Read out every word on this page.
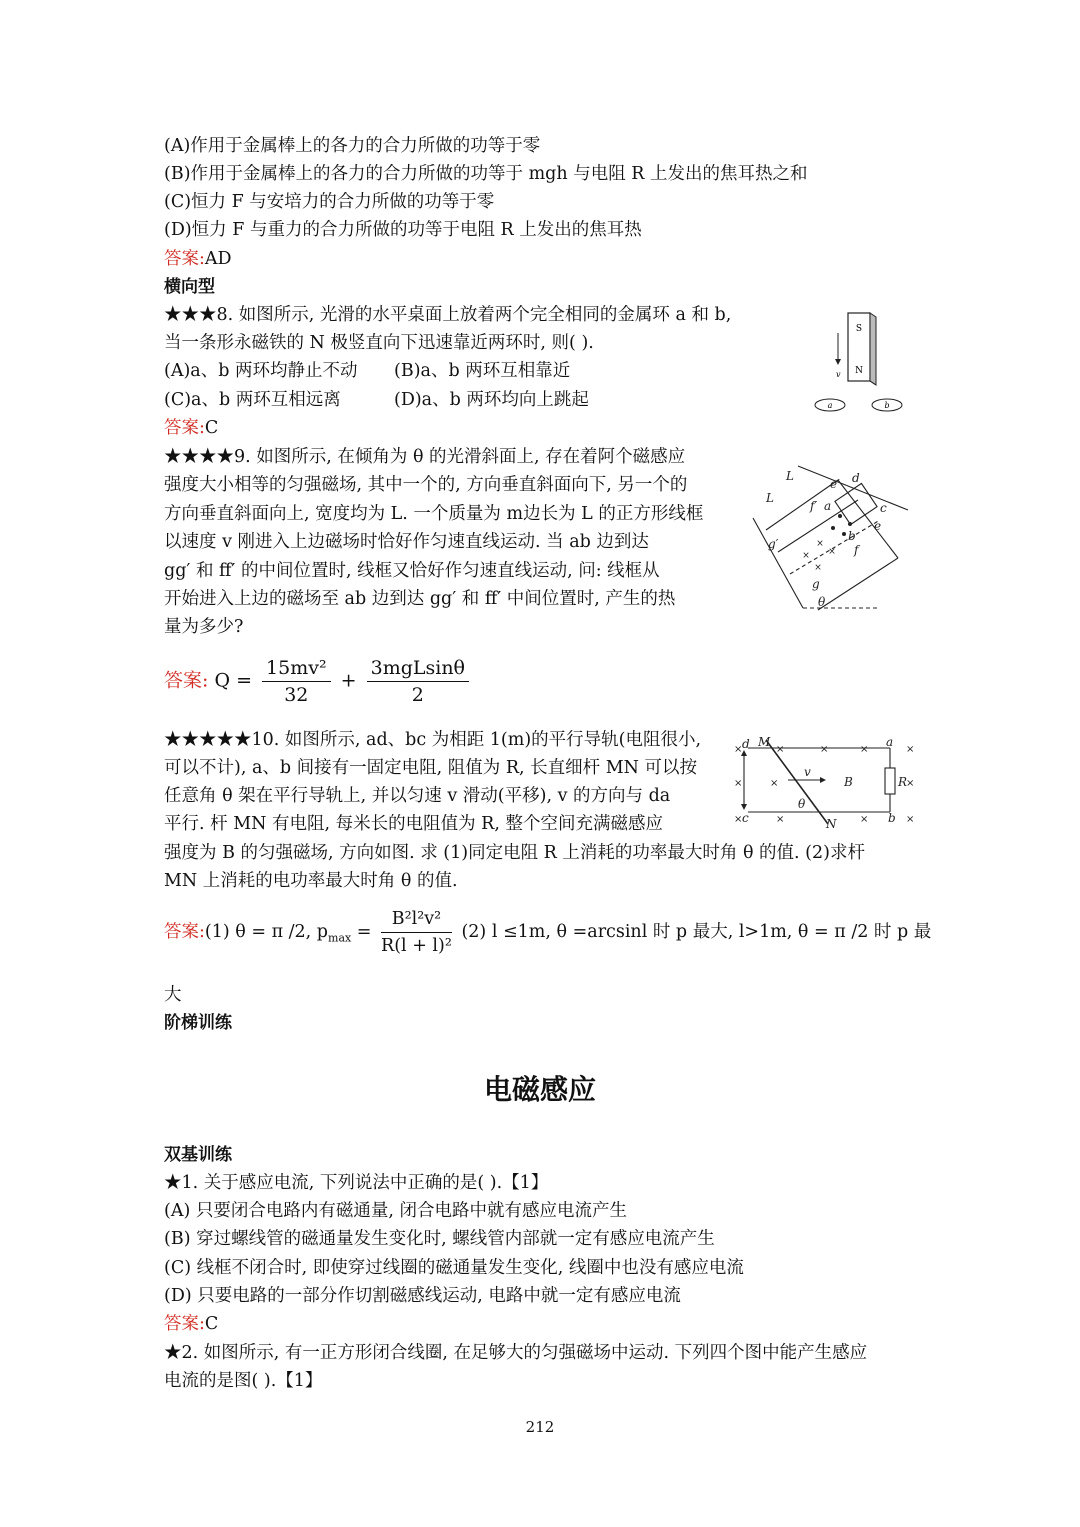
(A)作用于金属棒上的各力的合力所做的功等于零
(B)作用于金属棒上的各力的合力所做的功等于 mgh 与电阻 R 上发出的焦耳热之和
(C)恒力 F 与安培力的合力所做的功等于零
(D)恒力 F 与重力的合力所做的功等于电阻 R 上发出的焦耳热
答案:AD
横向型
★★★8. 如图所示, 光滑的水平桌面上放着两个完全相同的金属环 a 和 b,
当一条形永磁铁的 N 极竖直向下迅速靠近两环时, 则( ).
(A)a、b 两环均静止不动 (B)a、b 两环互相靠近
(C)a、b 两环互相远离	(D)a、b 两环均向上跳起
答案:C
S
N
v
a	b
★★★★9. 如图所示, 在倾角为 θ 的光滑斜面上, 存在着阿个磁感应
强度大小相等的匀强磁场, 其中一个的, 方向垂直斜面向下, 另一个的
方向垂直斜面向上, 宽度均为 L. 一个质量为 m边长为 L 的正方形线框
以速度 v 刚进入上边磁场时恰好作匀速直线运动. 当 ab 边到达
gg′ 和 ff′ 的中间位置时, 线框又恰好作匀速直线运动, 问: 线框从
开始进入上边的磁场至 ab 边到达 gg′ 和 ff′ 中间位置时, 产生的热
量为多少?
答案: $Q = \frac{\text{15mv²}}{32} + \frac{\text{3mgLsinθ}}{2}$
×
× ×
×
L
L
e′ d
f′ a	c
b
e
g′	f
g
θ
★★★★★10. 如图所示, ad、bc 为相距 1(m)的平行导轨(电阻很小,
可以不计), a、b 间接有一固定电阻, 阻值为 R, 长直细杆 MN 可以按
任意角 θ 架在平行导轨上, 并以匀速 v 滑动(平移), v 的方向与 da
平行. 杆 MN 有电阻, 每米长的电阻值为 R, 整个空间充满磁感应
强度为 B 的匀强磁场, 方向如图. 求 (1)同定电阻 R 上消耗的功率最大时角 θ 的值. (2)求杆
MN 上消耗的电功率最大时角 θ 的值.
答案:(1) θ = π /2, $p_{max} = \frac{\text{B²l²v²}}{\text{R(l + l)²}} (2)$ l ≤1m, θ =arcsinl 时 p 最大, l>1m, θ = π /2 时 p 最
大
×	×	×	×	×
×	×	×
×	×	×	×
d M	a
v
B	R
θ
c	N	b
阶梯训练
电磁感应
双基训练
★1. 关于感应电流, 下列说法中正确的是( ).【1】
(A) 只要闭合电路内有磁通量, 闭合电路中就有感应电流产生
(B) 穿过螺线管的磁通量发生变化时, 螺线管内部就一定有感应电流产生
(C) 线框不闭合时, 即使穿过线圈的磁通量发生变化, 线圈中也没有感应电流
(D) 只要电路的一部分作切割磁感线运动, 电路中就一定有感应电流
答案:C
★2. 如图所示, 有一正方形闭合线圈, 在足够大的匀强磁场中运动. 下列四个图中能产生感应
电流的是图( ).【1】
212
